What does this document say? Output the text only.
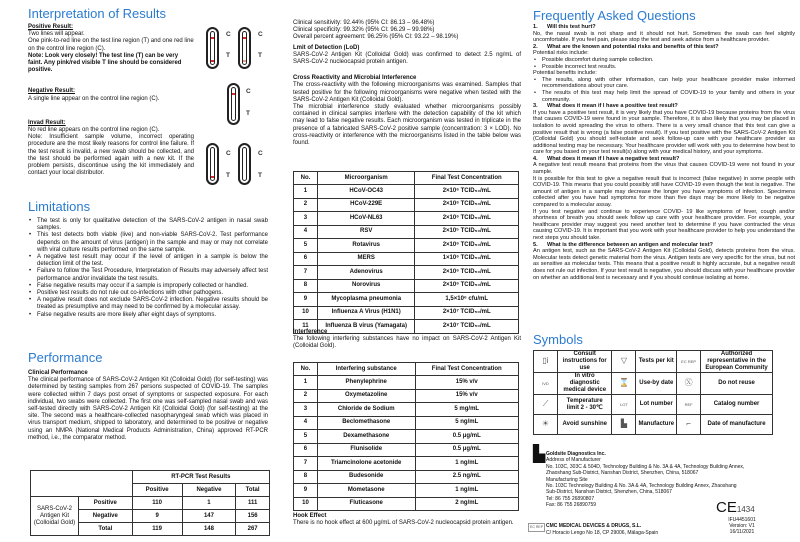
Interpretation of Results
Positive Result:
Two lines will appear.
One pink-to-red line on the test line region (T) and one red line on the control line region (C).
Note: Look very closely! The test line (T) can be very faint. Any pink/red visible T line should be considered positive.
Negative Result:
A single line appear on the control line region (C).
Invad Result:

No red line appears on the control line region (C).

Note: Insufficient sample volume, incorrect operating procedure are the most likely reasons for control line failure. If the test result is invalid, a new swab should be collected, and the test should be performed again with a new kit. If the problem persists, discontinue using the kit immediately and contact your local distributor.

C
T
C
T
C
T
C
T
C
T
Limitations
• The test is only for qualitative detection of the SARS-CoV-2 antigen in nasal swab samples.
• This test detects both viable (live) and non-viable SARS-CoV-2. Test performance depends on the amount of virus (antigen) in the sample and may or may not correlate with viral culture results performed on the same sample.
• A negative test result may occur if the level of antigen in a sample is below the detection limit of the test.
• Failure to follow the Test Procedure, Interpretation of Results may adversely affect test performance and/or invalidate the test results.
• False negative results may occur if a sample is improperly collected or handled.
• Positive test results do not rule out co-infections with other pathogens.
• A negative result does not exclude SARS-CoV-2 infection. Negative results should be treated as presumptive and may need to be confirmed by a molecular assay.
• False negative results are more likely after eight days of symptoms.
Performance
Clinical Performance

The clinical performance of SARS-CoV-2 Antigen Kit (Colloidal Gold) (for self-testing) was determined by testing samples from 267 persons suspected of COVID-19. The samples were collected within 7 days post onset of symptoms or suspected exposure. For each individual, two swabs were collected. The first one was self-sampled nasal swab and was self-tested directly with SARS-CoV-2 Antigen Kit (Colloidal Gold) (for self-testing) at the site. The second was a healthcare-collected nasopharyngeal swab which was placed in virus transport medium, shipped to laboratory, and determined to be positive or negative using an NMPA (National Medical Products Administration, China) approved RT-PCR method, i.e., the comparator method.

		RT-PCR Test Results		
		Positive	Negative	Total
SARS-CoV-2 Antigen Kit (Colloidal Gold)	Positive	110	1	111
	Negative	9	147	156
	Total	119	148	267
Clinical sensitivity: 92.44% (95% CI: 86.13 – 96.48%)
Clinical specificity: 99.32% (95% CI: 96.29 – 99.98%)
Overall percent agreement: 96.25% (95% CI: 93.22 – 98.19%)
Lmit of Detection (LoD)

SARS-CoV-2 Antigen Kit (Colloidal Gold) was confirmed to detect 2.5 ng/mL of SARS-CoV-2 nucleocapsid protein antigen.

Cross Reactivity and Microbial Interference

The cross-reactivity with the following microorganisms was examined. Samples that tested positive for the following microorganisms were negative when tested with the SARS-CoV-2 Antigen Kit (Colloidal Gold).

The microbial interference study evaluated whether microorganisms possibly contained in clinical samples interfere with the detection capability of the kit which may lead to false negative results. Each microorganism was tested in triplicate in the presence of a fabricated SARS-CoV-2 positive sample (concentration: 3 × LOD). No cross-reactivity or interference with the microorganisms listed in the table below was found.

No.	Microorganism	Final Test Concentration
1	HCoV-OC43	2×10⁶ TCID₅₀/mL
2	HCoV-229E	2×10⁶ TCID₅₀/mL
3	HCoV-NL63	2×10⁶ TCID₅₀/mL
4	RSV	2×10⁵ TCID₅₀/mL
5	Rotavirus	2×10⁶ TCID₅₀/mL
6	MERS	1×10⁶ TCID₅₀/mL
7	Adenovirus	2×10⁶ TCID₅₀/mL
8	Norovirus	2×10⁶ TCID₅₀/mL
9	Mycoplasma pneumonia	1,5×10⁶ cfu/mL
10	Influenza A Virus (H1N1)	2×10⁷ TCID₅₀/mL
11	Influenza B virus (Yamagata)	2×10⁷ TCID₅₀/mL
Interference

The following interfering substances have no impact on SARS-CoV-2 Antigen Kit (Colloidal Gold).

No.	Interfering substance	Final Test Concentration
1	Phenylephrine	15% v/v
2	Oxymetazoline	15% v/v
3	Chloride de Sodium	5 mg/mL
4	Beclomethasone	5 ng/mL
5	Dexamethasone	0.5 μg/mL
6	Flunisolide	0.5 μg/mL
7	Triamcinolone acetonide	1 ng/mL
8	Budesonide	2.5 ng/mL
9	Mometasone	1 ng/mL
10	Fluticasone	2 ng/mL
Hook Effect

There is no hook effect at 600 μg/mL of SARS-CoV-2 nucleocapsid protein antigen.

Frequently Asked Questions
1.      Will this test hurt?

No, the nasal swab is not sharp and it should not hurt. Sometimes the swab can feel slightly uncomfortable. If you feel pain, please stop the test and seek advice from a healthcare provider.

2.      What are the known and potential risks and benefits of this test?
Potential risks include:
• Possible discomfort during sample collection.
• Possible incorrect test results.
Potential benefits include:
• The results, along with other information, can help your healthcare provider make informed recommendations about your care.
• The results of this test may help limit the spread of COVID-19 to your family and others in your community.
3.      What does it mean if I have a positive test result?

If you have a positive test result, it is very likely that you have COVID-19 because proteins from the virus that causes COVID-19 were found in your sample. Therefore, it is also likely that you may be placed in isolation to avoid spreading the virus to others. There is a very small chance that this test can give a positive result that is wrong (a false positive result). If you test positive with the SARS-CoV-2 Antigen Kit (Colloidal Gold) you should self-isolate and seek follow-up care with your healthcare provider as additional testing may be necessary. Your healthcare provider will work with you to determine how best to care for you based on your test result(s) along with your medical history, and your symptoms.

4.      What does it mean if I have a negative test result?

A negative test result means that proteins from the virus that causes COVID-19 were not found in your sample.

It is possible for this test to give a negative result that is incorrect (false negative) in some people with COVID-19. This means that you could possibly still have COVID-19 even though the test is negative. The amount of antigen in a sample may decrease the longer you have symptoms of infection. Specimens collected after you have had symptoms for more than five days may be more likely to be negative compared to a molecular assay.

If you test negative and continue to experience COVID- 19 like symptoms of fever, cough and/or shortness of breath you should seek follow up care with your healthcare provider. For example, your healthcare provider may suggest you need another test to determine if you have contracted the virus causing COVID-19. It is important that you work with your healthcare provider to help you understand the next steps you should take.

5.      What is the difference between an antigen and molecular test?

An antigen test, such as the SARS-CoV-2 Antigen Kit (Colloidal Gold), detects proteins from the virus. Molecular tests detect genetic material from the virus. Antigen tests are very specific for the virus, but not as sensitive as molecular tests. This means that a positive result is highly accurate, but a negative result does not rule out infection. If your test result is negative, you should discuss with your healthcare provider on whether an additional test is necessary and if you should continue isolating at home.

Symbols
▯i	Consult instructions for use	▽	Tests per kit	EC REP	Authorized representative in the European Community
IVD	In vitro diagnostic medical device	⌛	Use-by date	Ⓧ	Do not reuse
⟋	Temperature limit 2 - 30℃	LOT	Lot number	REF	Catalog number
☀	Avoid sunshine	▙	Manufacture	⌐	Date of manufacture
▙ Goldsite Diagnostics Inc.
Address of Manufacturer
No. 103C, 303C & 504D, Technology Building & No. 3A & 4A, Technology Building Annex, Zhaoshang Sub-District, Nanshan District, Shenzhen, China, 518067
Manufacturing Site
No. 103C Technology Building & No. 3A & 4A, Technology Building Annex, Zhaoshang Sub-District, Nanshan District, Shenzhen, China, 518067
Tel: 86 755 26890807
Fax: 86 755 26890759	CE1434
IFU4451601
Version: V1
16/11/2021
EC REP CMC MEDICAL DEVICES & DRUGS, S.L.
C/ Horacio Lengo No 18, CP 29006, Málaga-Spain
